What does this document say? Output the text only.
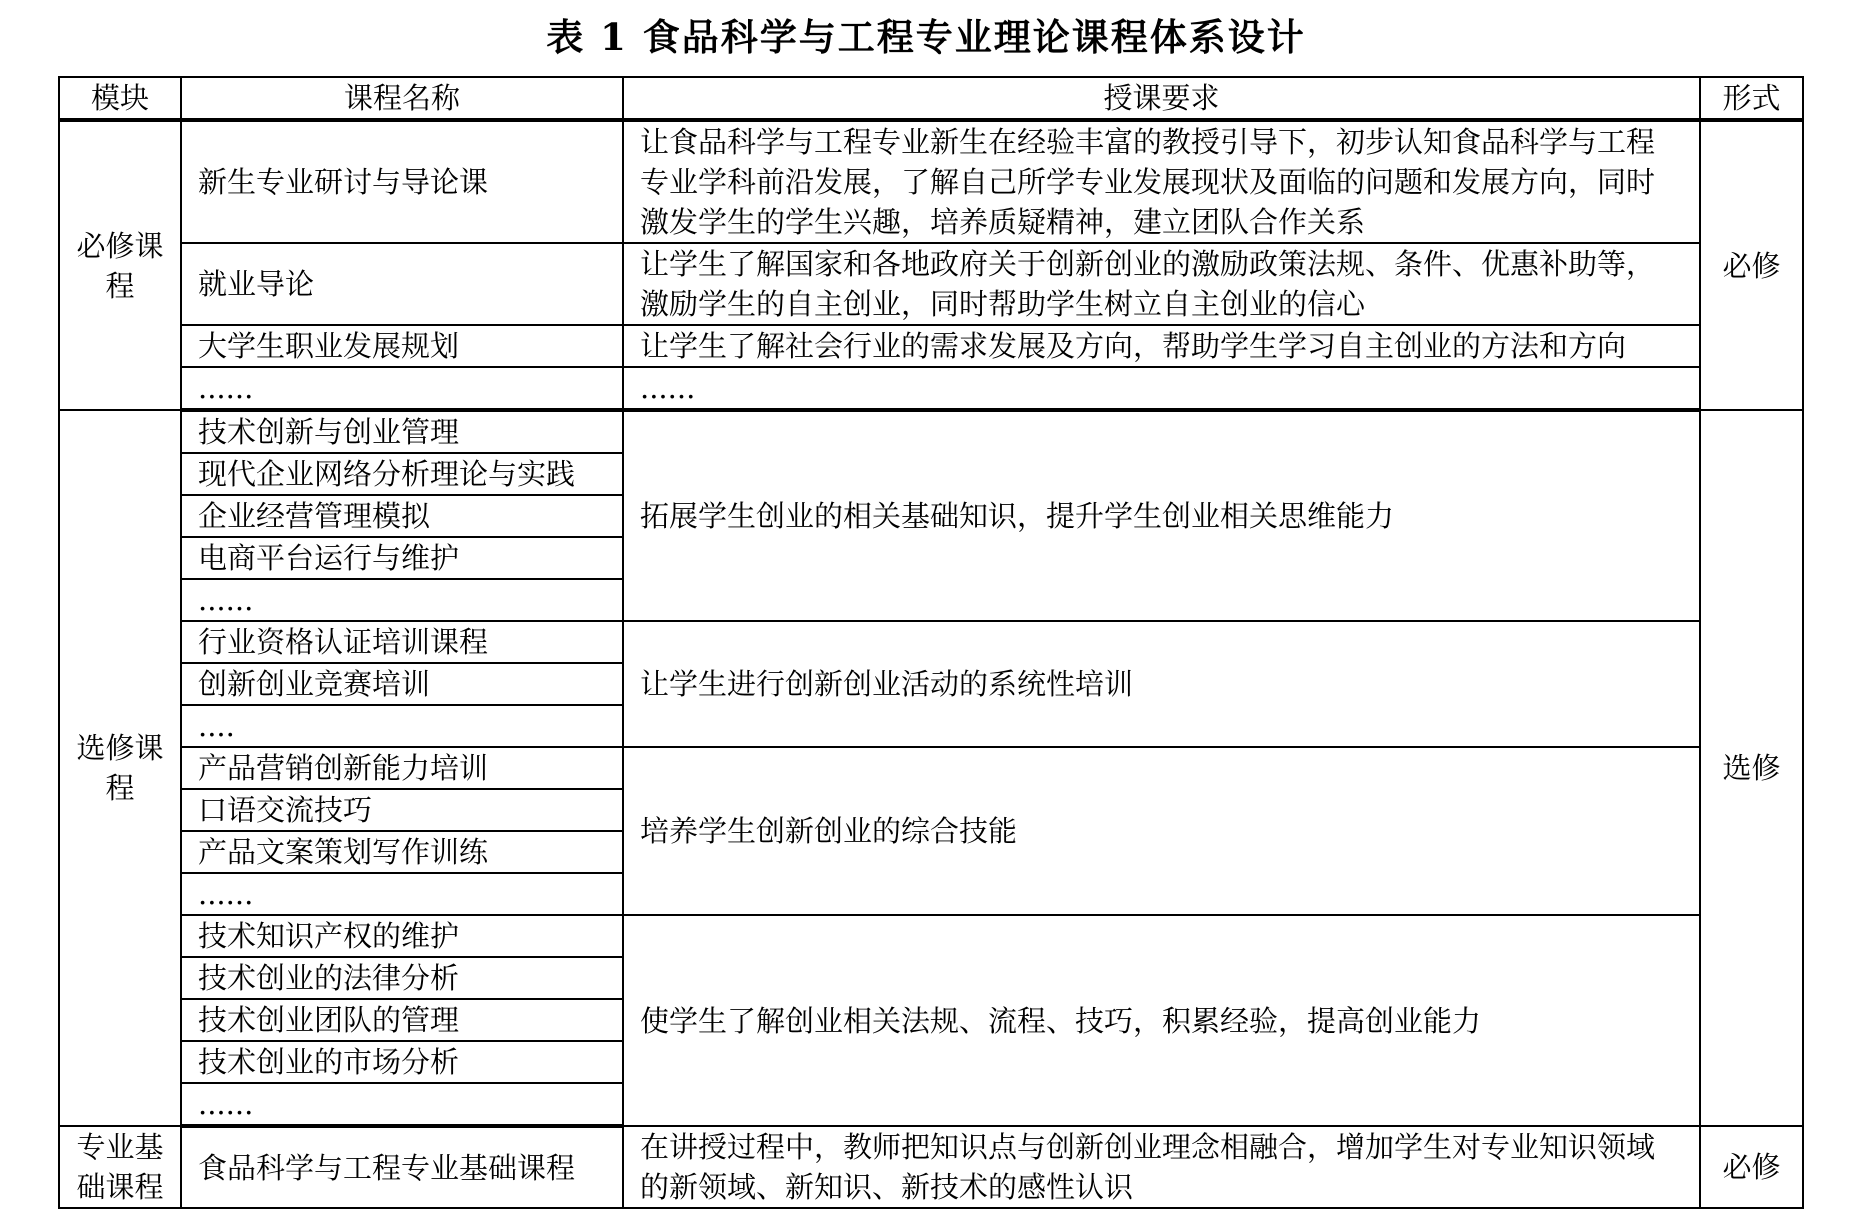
表 1 食品科学与工程专业理论课程体系设计
模块	课程名称	授课要求	形式
必修课程	新生专业研讨与导论课	让食品科学与工程专业新生在经验丰富的教授引导下，初步认知食品科学与工程专业学科前沿发展，了解自己所学专业发展现状及面临的问题和发展方向，同时激发学生的学生兴趣，培养质疑精神，建立团队合作关系	必修
	就业导论	让学生了解国家和各地政府关于创新创业的激励政策法规、条件、优惠补助等，激励学生的自主创业，同时帮助学生树立自主创业的信心	
	大学生职业发展规划	让学生了解社会行业的需求发展及方向，帮助学生学习自主创业的方法和方向	
	......	......	
选修课程	技术创新与创业管理	拓展学生创业的相关基础知识，提升学生创业相关思维能力	选修
	现代企业网络分析理论与实践		
	企业经营管理模拟		
	电商平台运行与维护		
	......		
	行业资格认证培训课程	让学生进行创新创业活动的系统性培训	
	创新创业竞赛培训		
	....		
	产品营销创新能力培训	培养学生创新创业的综合技能	
	口语交流技巧		
	产品文案策划写作训练		
	......		
	技术知识产权的维护	使学生了解创业相关法规、流程、技巧，积累经验，提高创业能力	
	技术创业的法律分析		
	技术创业团队的管理		
	技术创业的市场分析		
	......		
专业基础课程	食品科学与工程专业基础课程	在讲授过程中，教师把知识点与创新创业理念相融合，增加学生对专业知识领域的新领域、新知识、新技术的感性认识	必修
